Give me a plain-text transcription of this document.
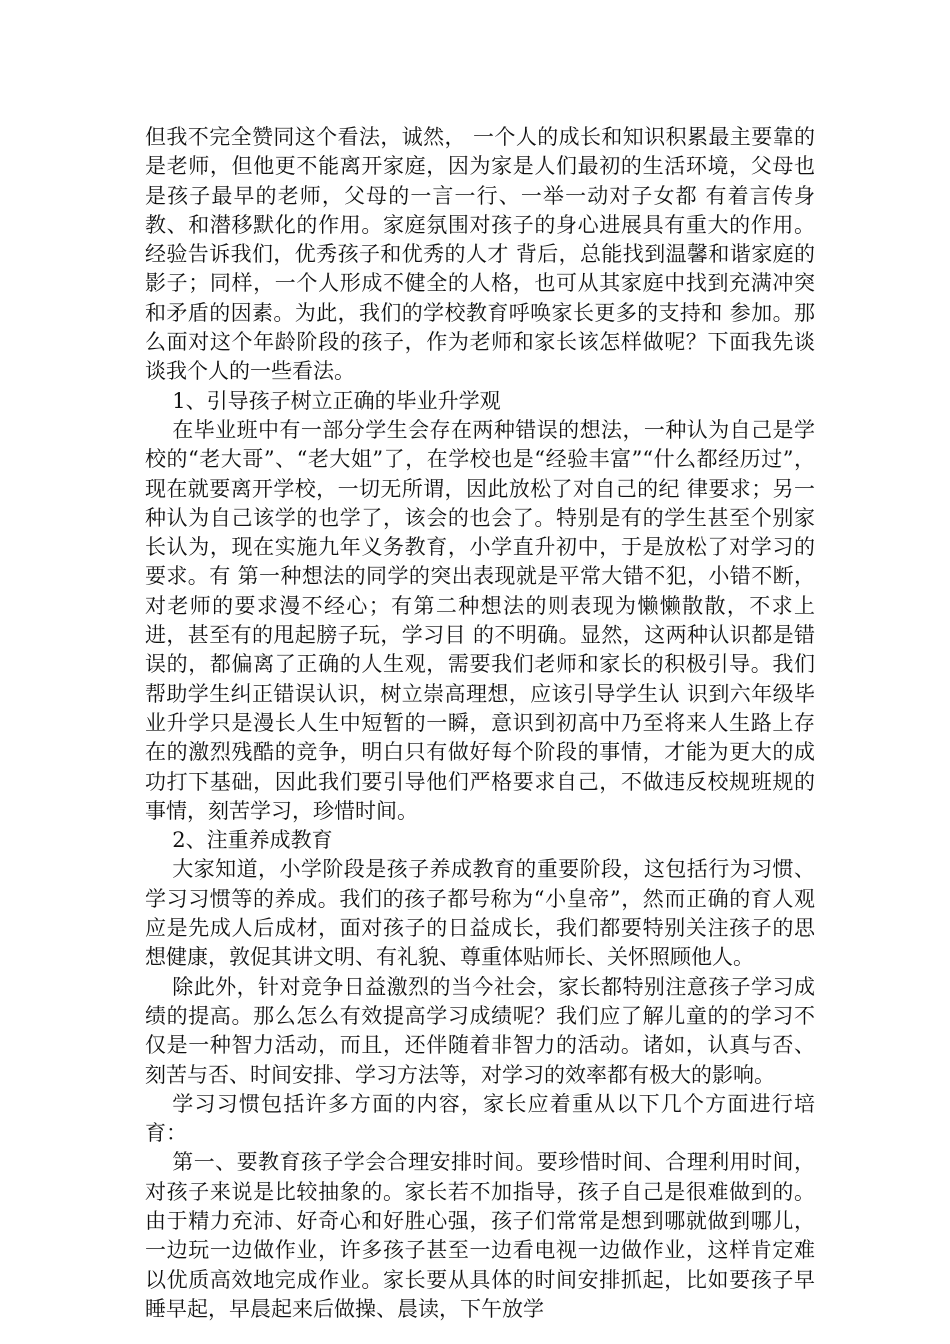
但我不完全赞同这个看法，诚然， 一个人的成长和知识积累最主要靠的是老师，但他更不能离开家庭，因为家是人们最初的生活环境，父母也是孩子最早的老师，父母的一言一行、一举一动对子女都 有着言传身教、和潜移默化的作用。家庭氛围对孩子的身心进展具有重大的作用。经验告诉我们，优秀孩子和优秀的人才 背后，总能找到温馨和谐家庭的影子；同样，一个人形成不健全的人格，也可从其家庭中找到充满冲突和矛盾的因素。为此，我们的学校教育呼唤家长更多的支持和 参加。那么面对这个年龄阶段的孩子，作为老师和家长该怎样做呢？下面我先谈谈我个人的一些看法。

1、引导孩子树立正确的毕业升学观

在毕业班中有一部分学生会存在两种错误的想法，一种认为自己是学校的“老大哥”、“老大姐”了，在学校也是“经验丰富”“什么都经历过”，现在就要离开学校，一切无所谓，因此放松了对自己的纪 律要求；另一种认为自己该学的也学了，该会的也会了。特别是有的学生甚至个别家长认为，现在实施九年义务教育，小学直升初中，于是放松了对学习的要求。有 第一种想法的同学的突出表现就是平常大错不犯，小错不断，对老师的要求漫不经心；有第二种想法的则表现为懒懒散散，不求上进，甚至有的甩起膀子玩，学习目 的不明确。显然，这两种认识都是错误的，都偏离了正确的人生观，需要我们老师和家长的积极引导。我们帮助学生纠正错误认识，树立崇高理想，应该引导学生认 识到六年级毕业升学只是漫长人生中短暂的一瞬，意识到初高中乃至将来人生路上存在的激烈残酷的竞争，明白只有做好每个阶段的事情，才能为更大的成功打下基础，因此我们要引导他们严格要求自己，不做违反校规班规的事情，刻苦学习，珍惜时间。

2、注重养成教育

大家知道，小学阶段是孩子养成教育的重要阶段，这包括行为习惯、学习习惯等的养成。我们的孩子都号称为“小皇帝”，然而正确的育人观应是先成人后成材，面对孩子的日益成长，我们都要特别关注孩子的思想健康，敦促其讲文明、有礼貌、尊重体贴师长、关怀照顾他人。

除此外，针对竞争日益激烈的当今社会，家长都特别注意孩子学习成绩的提高。那么怎么有效提高学习成绩呢？我们应了解儿童的的学习不仅是一种智力活动，而且，还伴随着非智力的活动。诸如，认真与否、刻苦与否、时间安排、学习方法等，对学习的效率都有极大的影响。

学习习惯包括许多方面的内容，家长应着重从以下几个方面进行培育：

第一、要教育孩子学会合理安排时间。要珍惜时间、合理利用时间，对孩子来说是比较抽象的。家长若不加指导，孩子自己是很难做到的。由于精力充沛、好奇心和好胜心强，孩子们常常是想到哪就做到哪儿，一边玩一边做作业，许多孩子甚至一边看电视一边做作业，这样肯定难以优质高效地完成作业。家长要从具体的时间安排抓起，比如要孩子早睡早起，早晨起来后做操、晨读，下午放学
